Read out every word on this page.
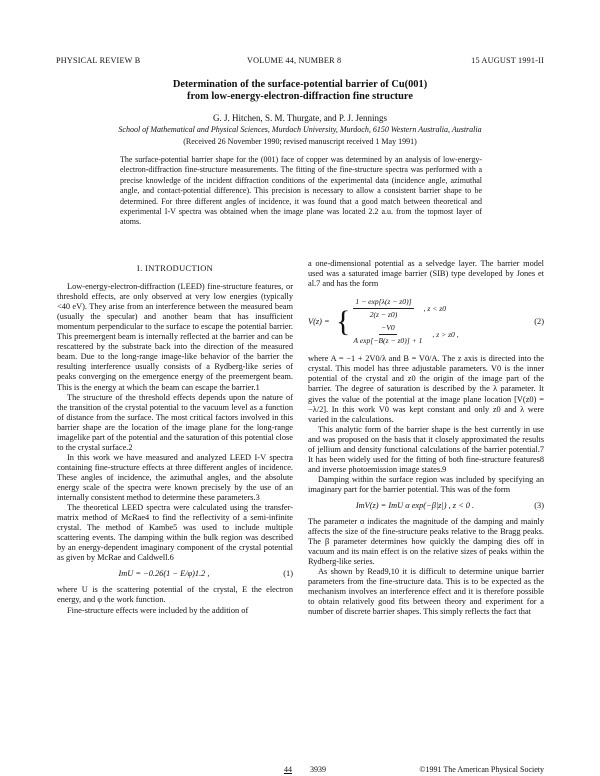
PHYSICAL REVIEW B	VOLUME 44, NUMBER 8	15 AUGUST 1991-II
Determination of the surface-potential barrier of Cu(001)
from low-energy-electron-diffraction fine structure
G. J. Hitchen, S. M. Thurgate, and P. J. Jennings
School of Mathematical and Physical Sciences, Murdoch University, Murdoch, 6150 Western Australia, Australia
(Received 26 November 1990; revised manuscript received 1 May 1991)
The surface-potential barrier shape for the (001) face of copper was determined by an analysis of low-energy-electron-diffraction fine-structure measurements. The fitting of the fine-structure spectra was performed with a precise knowledge of the incident diffraction conditions of the experimental data (incidence angle, azimuthal angle, and contact-potential difference). This precision is necessary to allow a consistent barrier shape to be determined. For three different angles of incidence, it was found that a good match between theoretical and experimental I-V spectra was obtained when the image plane was located 2.2 a.u. from the topmost layer of atoms.
I. INTRODUCTION

Low-energy-electron-diffraction (LEED) fine-structure features, or threshold effects, are only observed at very low energies (typically <40 eV). They arise from an interference between the measured beam (usually the specular) and another beam that has insufficient momentum perpendicular to the surface to escape the potential barrier. This preemergent beam is internally reflected at the barrier and can be rescattered by the substrate back into the direction of the measured beam. Due to the long-range image-like behavior of the barrier the resulting interference usually consists of a Rydberg-like series of peaks converging on the emergence energy of the preemergent beam. This is the energy at which the beam can escape the barrier.1

The structure of the threshold effects depends upon the nature of the transition of the crystal potential to the vacuum level as a function of distance from the surface. The most critical factors involved in this barrier shape are the location of the image plane for the long-range imagelike part of the potential and the saturation of this potential close to the crystal surface.2

In this work we have measured and analyzed LEED I-V spectra containing fine-structure effects at three different angles of incidence. These angles of incidence, the azimuthal angles, and the absolute energy scale of the spectra were known precisely by the use of an internally consistent method to determine these parameters.3

The theoretical LEED spectra were calculated using the transfer-matrix method of McRae4 to find the reflectivity of a semi-infinite crystal. The method of Kambe5 was used to include multiple scattering events. The damping within the bulk region was described by an energy-dependent imaginary component of the crystal potential as given by McRae and Caldwell.6

ImU = −0.26(1 − E/φ)1.2 ,	(1)

where U is the scattering potential of the crystal, E the electron energy, and φ the work function.

Fine-structure effects were included by the addition of

a one-dimensional potential as a selvedge layer. The barrier model used was a saturated image barrier (SIB) type developed by Jones et al.7 and has the form

V(z) = { $\frac{1 - \exp[\lambda(z - z0)]}{2(z - z0)}$ , z < z0
$\frac{-V0}{\text{A exp[−B(z − z0)] + 1}}$ , z > z0 ,
(2)

where A = −1 + 2V0/λ and B = V0/A. The z axis is directed into the crystal. This model has three adjustable parameters. V0 is the inner potential of the crystal and z0 the origin of the image part of the barrier. The degree of saturation is described by the λ parameter. It gives the value of the potential at the image plane location [V(z0) = −λ/2]. In this work V0 was kept constant and only z0 and λ were varied in the calculations.

This analytic form of the barrier shape is the best currently in use and was proposed on the basis that it closely approximated the results of jellium and density functional calculations of the barrier potential.7 It has been widely used for the fitting of both fine-structure features8 and inverse photoemission image states.9

Damping within the surface region was included by specifying an imaginary part for the barrier potential. This was of the form

ImV(z) = ImU α exp(−β|z|) , z < 0 .	(3)

The parameter α indicates the magnitude of the damping and mainly affects the size of the fine-structure peaks relative to the Bragg peaks. The β parameter determines how quickly the damping dies off in vacuum and its main effect is on the relative sizes of peaks within the Rydberg-like series.

As shown by Read9,10 it is difficult to determine unique barrier parameters from the fine-structure data. This is to be expected as the mechanism involves an interference effect and it is therefore possible to obtain relatively good fits between theory and experiment for a number of discrete barrier shapes. This simply reflects the fact that

44 3939	©1991 The American Physical Society
